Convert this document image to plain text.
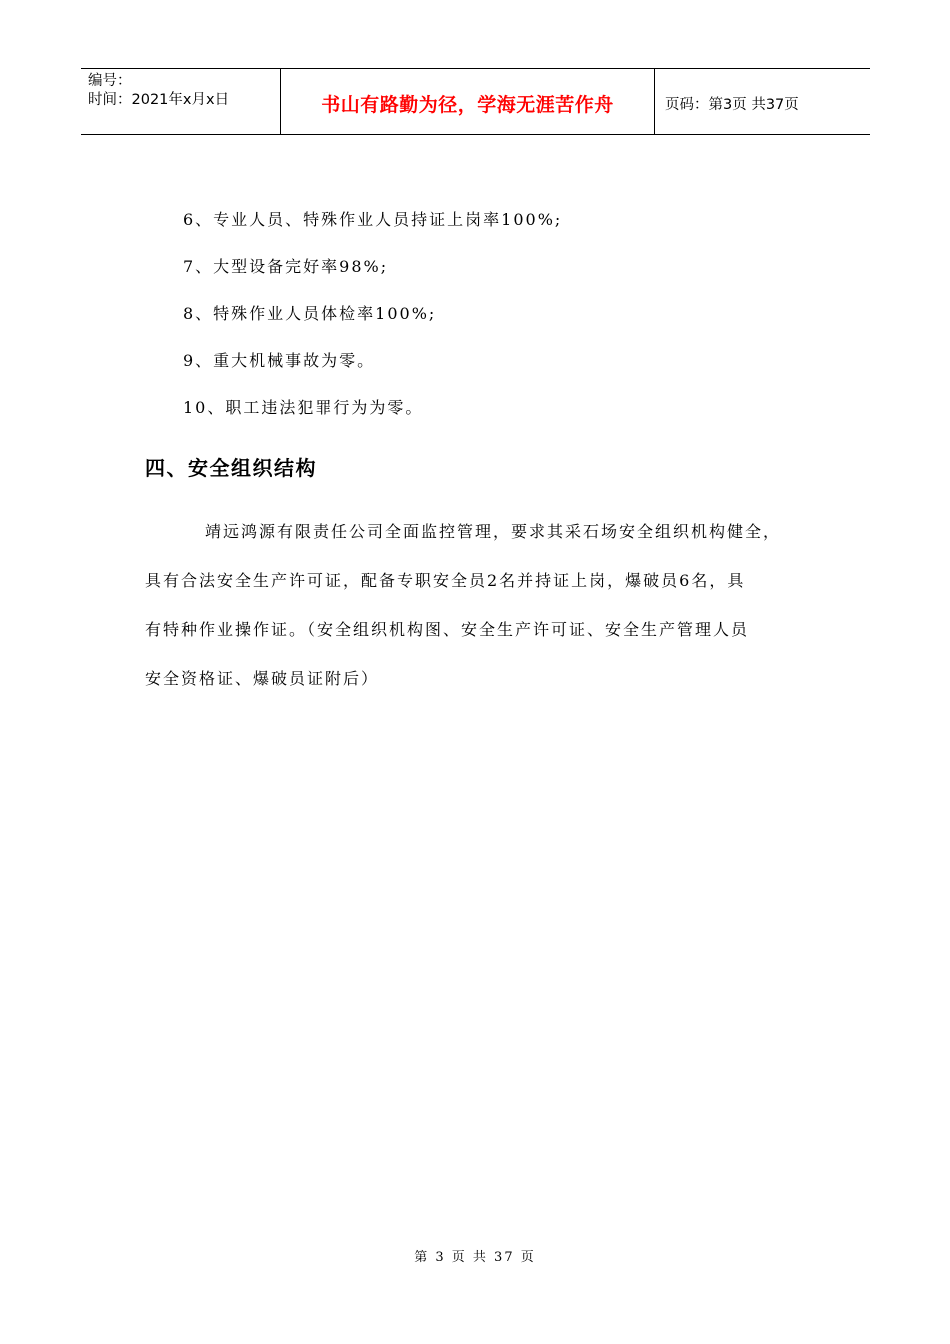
编号：
时间：2021年x月x日	书山有路勤为径，学海无涯苦作舟	页码：第3页 共37页
6、专业人员、特殊作业人员持证上岗率100%;
7、大型设备完好率98%;
8、特殊作业人员体检率100%;
9、重大机械事故为零。
10、职工违法犯罪行为为零。
四、安全组织结构
靖远鸿源有限责任公司全面监控管理，要求其采石场安全组织机构健全，
具有合法安全生产许可证，配备专职安全员2名并持证上岗，爆破员6名，具
有特种作业操作证。（安全组织机构图、安全生产许可证、安全生产管理人员
安全资格证、爆破员证附后）
第 3 页 共 37 页
